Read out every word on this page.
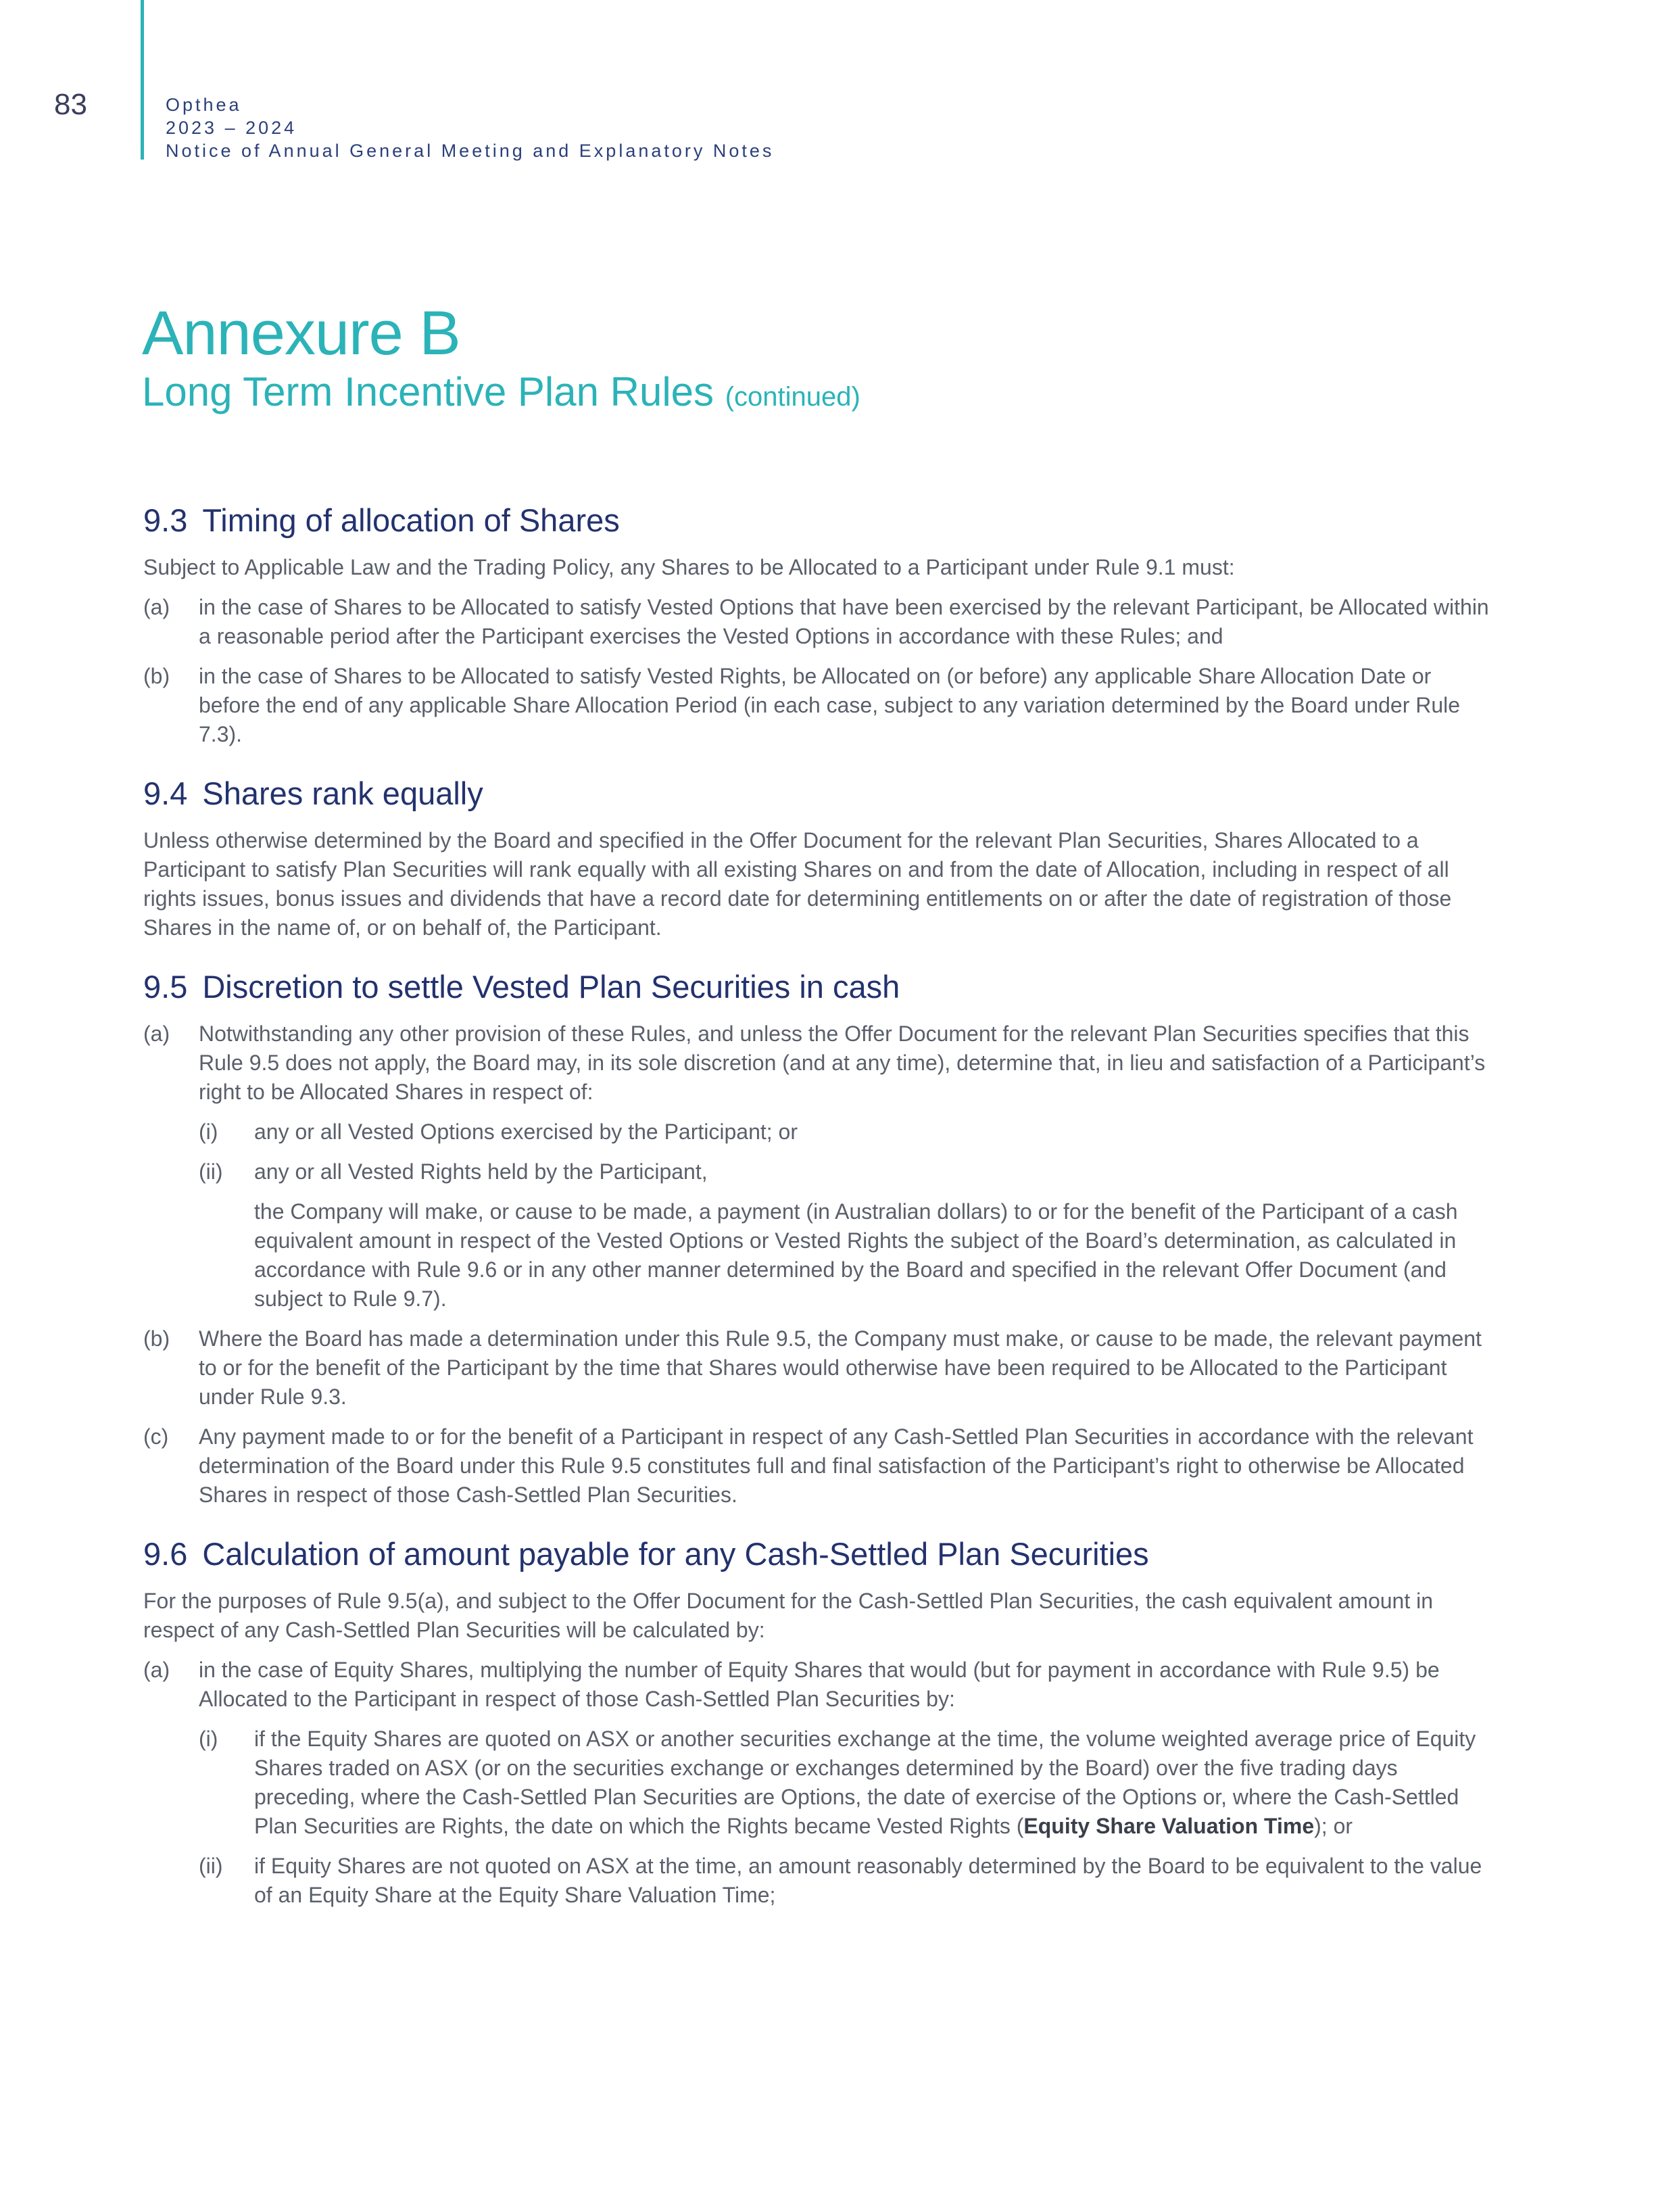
83	Opthea
2023 – 2024
Notice of Annual General Meeting and Explanatory Notes
Annexure B
Long Term Incentive Plan Rules (continued)
9.3 Timing of allocation of Shares

Subject to Applicable Law and the Trading Policy, any Shares to be Allocated to a Participant under Rule 9.1 must:

(a) in the case of Shares to be Allocated to satisfy Vested Options that have been exercised by the relevant Participant, be Allocated within a reasonable period after the Participant exercises the Vested Options in accordance with these Rules; and
(b) in the case of Shares to be Allocated to satisfy Vested Rights, be Allocated on (or before) any applicable Share Allocation Date or before the end of any applicable Share Allocation Period (in each case, subject to any variation determined by the Board under Rule 7.3).
9.4 Shares rank equally

Unless otherwise determined by the Board and specified in the Offer Document for the relevant Plan Securities, Shares Allocated to a Participant to satisfy Plan Securities will rank equally with all existing Shares on and from the date of Allocation, including in respect of all rights issues, bonus issues and dividends that have a record date for determining entitlements on or after the date of registration of those Shares in the name of, or on behalf of, the Participant.

9.5 Discretion to settle Vested Plan Securities in cash
(a) Notwithstanding any other provision of these Rules, and unless the Offer Document for the relevant Plan Securities specifies that this Rule 9.5 does not apply, the Board may, in its sole discretion (and at any time), determine that, in lieu and satisfaction of a Participant’s right to be Allocated Shares in respect of:
(i) any or all Vested Options exercised by the Participant; or
(ii) any or all Vested Rights held by the Participant,
the Company will make, or cause to be made, a payment (in Australian dollars) to or for the benefit of the Participant of a cash equivalent amount in respect of the Vested Options or Vested Rights the subject of the Board’s determination, as calculated in accordance with Rule 9.6 or in any other manner determined by the Board and specified in the relevant Offer Document (and subject to Rule 9.7).
(b) Where the Board has made a determination under this Rule 9.5, the Company must make, or cause to be made, the relevant payment to or for the benefit of the Participant by the time that Shares would otherwise have been required to be Allocated to the Participant under Rule 9.3.
(c) Any payment made to or for the benefit of a Participant in respect of any Cash-Settled Plan Securities in accordance with the relevant determination of the Board under this Rule 9.5 constitutes full and final satisfaction of the Participant’s right to otherwise be Allocated Shares in respect of those Cash-Settled Plan Securities.
9.6 Calculation of amount payable for any Cash-Settled Plan Securities

For the purposes of Rule 9.5(a), and subject to the Offer Document for the Cash-Settled Plan Securities, the cash equivalent amount in respect of any Cash-Settled Plan Securities will be calculated by:

(a) in the case of Equity Shares, multiplying the number of Equity Shares that would (but for payment in accordance with Rule 9.5) be Allocated to the Participant in respect of those Cash-Settled Plan Securities by:
(i) if the Equity Shares are quoted on ASX or another securities exchange at the time, the volume weighted average price of Equity Shares traded on ASX (or on the securities exchange or exchanges determined by the Board) over the five trading days preceding, where the Cash-Settled Plan Securities are Options, the date of exercise of the Options or, where the Cash-Settled Plan Securities are Rights, the date on which the Rights became Vested Rights (Equity Share Valuation Time); or
(ii) if Equity Shares are not quoted on ASX at the time, an amount reasonably determined by the Board to be equivalent to the value of an Equity Share at the Equity Share Valuation Time;
